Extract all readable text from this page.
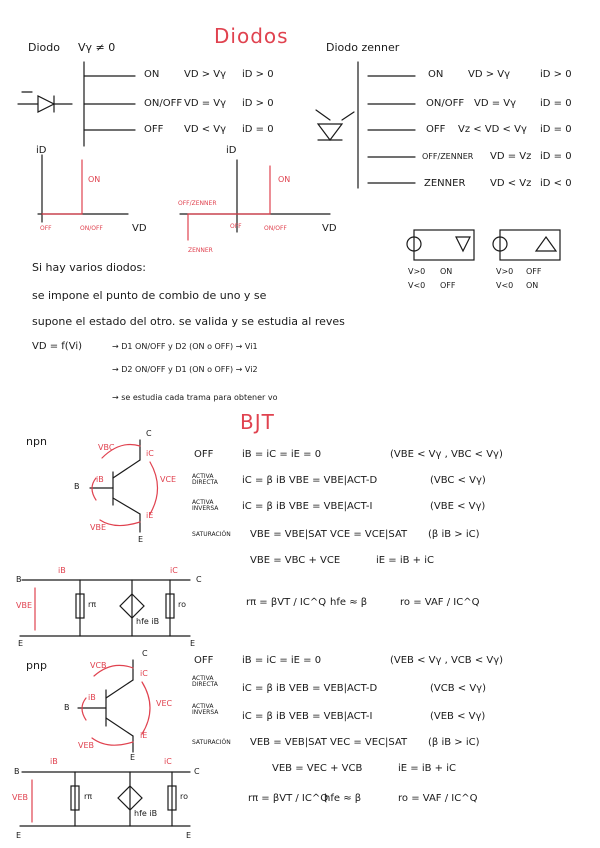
Diodos
BJT
Diodo Vγ ≠ 0
ON VD > Vγ iD > 0
ON/OFF VD = Vγ iD > 0
OFF VD < Vγ iD = 0
iD
ON
OFF	ON/OFF	VD
Diodo zenner
ON VD > Vγ	iD > 0
ON/OFF VD = Vγ iD = 0
OFF Vz < VD < Vγ iD = 0
OFF/ZENNER VD = Vz iD = 0
ZENNER VD < Vz iD < 0
iD
ON
OFF/ZENNER
OFF	ON/OFF
ZENNER
VD
V>0 ON
V<0 OFF
V>0 OFF
V<0 ON
Si hay varios diodos:
se impone el punto de combio de uno y se
supone el estado del otro. se valida y se estudia al reves
VD = f(Vi)	→ D1 ON/OFF y D2 (ON o OFF) → Vi1
→ D2 ON/OFF y D1 (ON o OFF) → Vi2
→ se estudia cada trama para obtener vo
npn
C
VBC
iC
B
iB	VCE
iE
VBE
E
OFF	iB = iC = iE = 0	(VBE < Vγ , VBC < Vγ)
ACTIVA DIRECTA	iC = β iB VBE = VBE|ACT-D	(VBC < Vγ)
ACTIVA INVERSA	iC = β iB VBE = VBE|ACT-I	(VBE < Vγ)
SATURACIÓN VBE = VBE|SAT VCE = VCE|SAT (β iB > iC)
VBE = VBC + VCE	iE = iB + iC
rπ = βVT / IC^Q hfe ≈ β	ro = VAF / IC^Q
B
iB
VBE	rπ
hfe iB
ro
iC
C
E	E
pnp
C
VCB
iC
B
iB
VEC
iE
VEB
E
OFF	iB = iC = iE = 0	(VEB < Vγ , VCB < Vγ)
ACTIVA DIRECTA	iC = β iB VEB = VEB|ACT-D	(VCB < Vγ)
ACTIVA INVERSA	iC = β iB VEB = VEB|ACT-I	(VEB < Vγ)
SATURACIÓN VEB = VEB|SAT VEC = VEC|SAT (β iB > iC)
VEB = VEC + VCB	iE = iB + iC
rπ = βVT / IC^Q
hfe ≈ β	ro = VAF / IC^Q
B
iB
VEB	rπ
hfe iB
ro
iC
C
E	E
